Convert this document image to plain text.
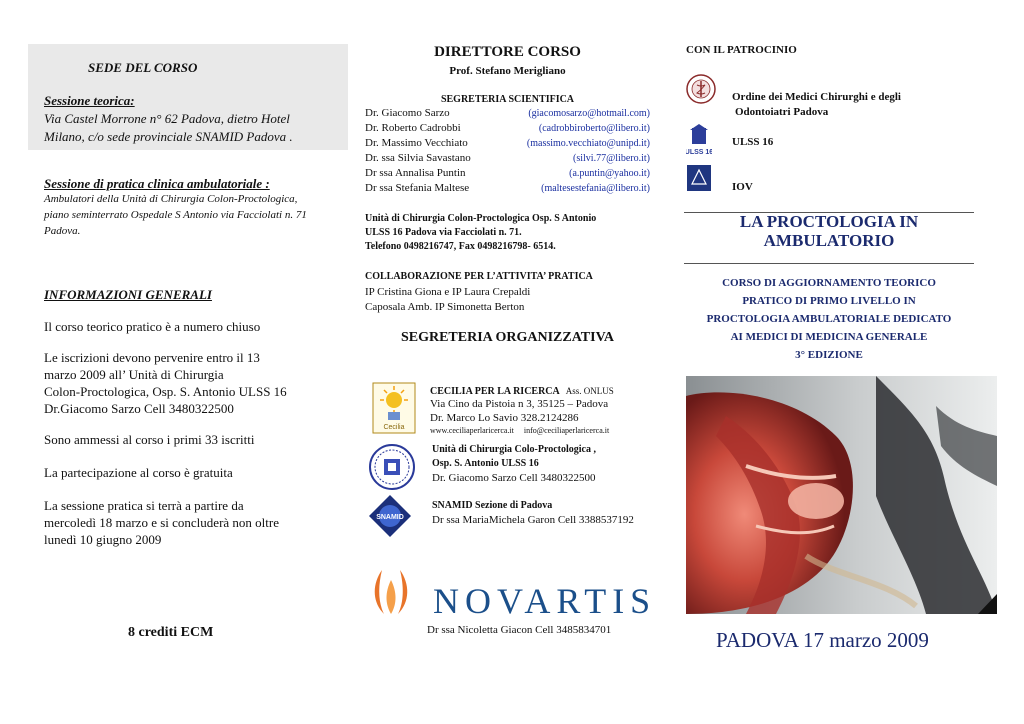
SEDE DEL CORSO
Sessione teorica:
Via Castel Morrone n° 62 Padova, dietro Hotel
Milano, c/o sede provinciale SNAMID Padova .
Sessione di pratica clinica ambulatoriale :
Ambulatori della Unità di Chirurgia Colon-Proctologica,
piano seminterrato Ospedale S Antonio via Facciolati n. 71
Padova.
INFORMAZIONI GENERALI
Il corso teorico pratico è a numero chiuso
Le iscrizioni devono pervenire entro il 13
marzo 2009 all’ Unità di Chirurgia
Colon-Proctologica, Osp. S. Antonio ULSS 16
Dr.Giacomo Sarzo Cell 3480322500
Sono ammessi al corso i primi 33 iscritti
La partecipazione al corso è gratuita
La sessione pratica si terrà a partire da
mercoledì 18 marzo e si concluderà non oltre
lunedì 10 giugno 2009
8 crediti ECM
DIRETTORE CORSO
Prof. Stefano Merigliano
SEGRETERIA SCIENTIFICA
Dr. Giacomo Sarzo	(giacomosarzo@hotmail.com)
Dr. Roberto Cadrobbi	(cadrobbiroberto@libero.it)
Dr. Massimo Vecchiato	(massimo.vecchiato@unipd.it)
Dr. ssa Silvia Savastano	(silvi.77@libero.it)
Dr ssa Annalisa Puntin	(a.puntin@yahoo.it)
Dr ssa Stefania Maltese	(maltesestefania@libero.it)
Unità di Chirurgia Colon-Proctologica Osp. S Antonio
ULSS 16 Padova via Facciolati n. 71.
Telefono 0498216747, Fax 0498216798- 6514.
COLLABORAZIONE PER L’ATTIVITA’ PRATICA
IP Cristina Giona e IP Laura Crepaldi
Caposala Amb. IP Simonetta Berton
SEGRETERIA ORGANIZZATIVA
Cecilia
CECILIA PER LA RICERCA Ass. ONLUS
Via Cino da Pistoia n 3, 35125 – Padova
Dr. Marco Lo Savio 328.2124286
www.ceciliaperlaricerca.it     info@ceciliaperlaricerca.it
Unità di Chirurgia Colo-Proctologica ,
Osp. S. Antonio ULSS 16
Dr. Giacomo Sarzo Cell 3480322500
SNAMID
SNAMID Sezione di Padova
Dr ssa MariaMichela Garon Cell 3388537192
NOVARTIS
Dr ssa Nicoletta Giacon Cell 3485834701
CON IL PATROCINIO
Ordine dei Medici Chirurghi e degli
Odontoiatri Padova
ULSS 16
ULSS 16
IOV
LA PROCTOLOGIA IN
AMBULATORIO
CORSO DI AGGIORNAMENTO TEORICO
PRATICO DI PRIMO LIVELLO IN
PROCTOLOGIA AMBULATORIALE DEDICATO
AI MEDICI DI MEDICINA GENERALE
3° EDIZIONE
PADOVA 17 marzo 2009
